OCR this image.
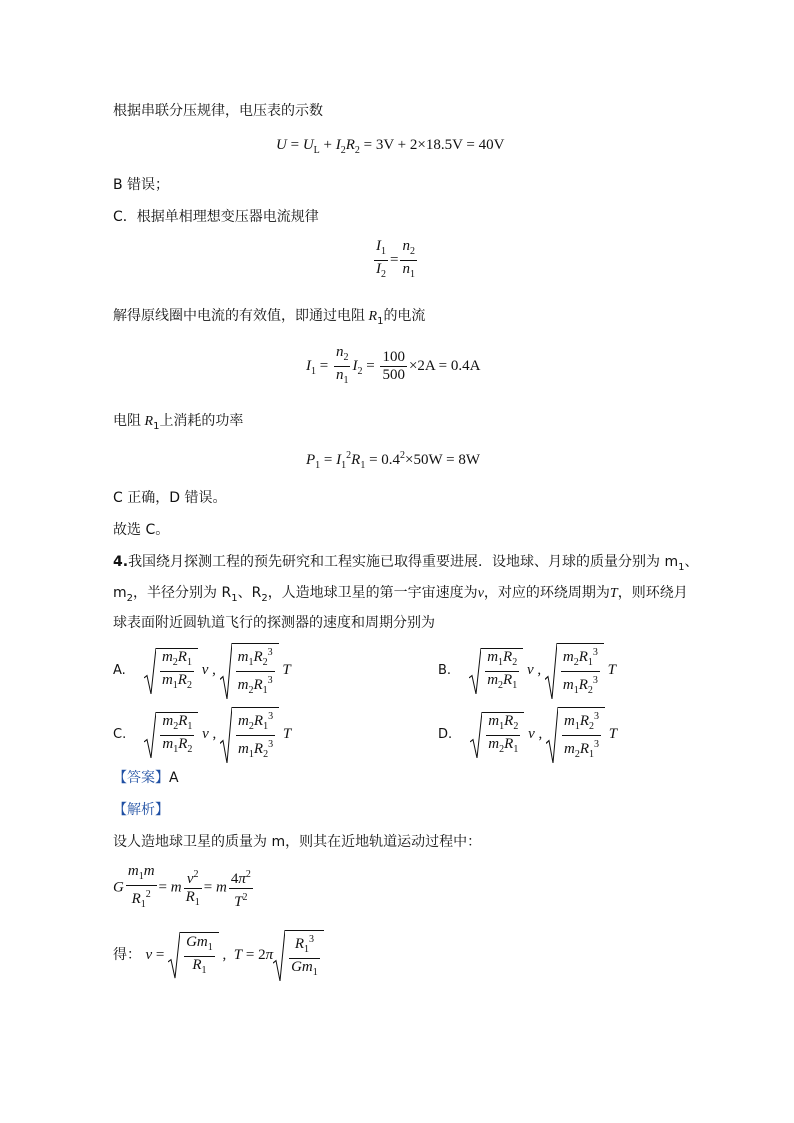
根据串联分压规律，电压表的示数
$U = U_L + I_2R_2 = 3V + 2\times 18.5V = 40V$
B 错误；
C．根据单相理想变压器电流规律
$\frac{I_1}{I_2} = \frac{n_2}{n_1}$
解得原线圈中电流的有效值，即通过电阻 $R_1$的电流
$I_1 = \frac{n_2}{n_1} I_2 = \frac{100}{500} \times 2A = 0.4A$
电阻 $R_1$上消耗的功率
$P_1 = I_1^2R_1 = 0.4^2\times 50W = 8W$
C 正确，D 错误。
故选 C。
4.我国绕月探测工程的预先研究和工程实施已取得重要进展．设地球、月球的质量分别为 $m_1$、
$m_2$，半径分别为 $R_1$、$R_2$，人造地球卫星的第一宇宙速度为v，对应的环绕周期为T，则环绕月
球表面附近圆轨道飞行的探测器的速度和周期分别为
A. $\frac{m_2R_1}{m_1R_2}$ v , $\frac{m_1R_2^3}{m_2R_1^3}$ T	B. $\frac{m_1R_2}{m_2R_1}$ v , $\frac{m_2R_1^3}{m_1R_2^3}$ T
C. $\frac{m_2R_1}{m_1R_2}$ v , $\frac{m_2R_1^3}{m_1R_2^3}$ T	D. $\frac{m_1R_2}{m_2R_1}$ v , $\frac{m_1R_2^3}{m_2R_1^3}$ T
【答案】A
【解析】
设人造地球卫星的质量为 m，则其在近地轨道运动过程中：
G $\frac{m_1m}{R_1^2} = m \frac{v^2}{R_1} = m \frac{4\pi^2}{T^2}$
得： $v = \frac{Gm_1}{R_1}$ , $T = 2\pi \frac{R_1^3}{Gm_1}$
